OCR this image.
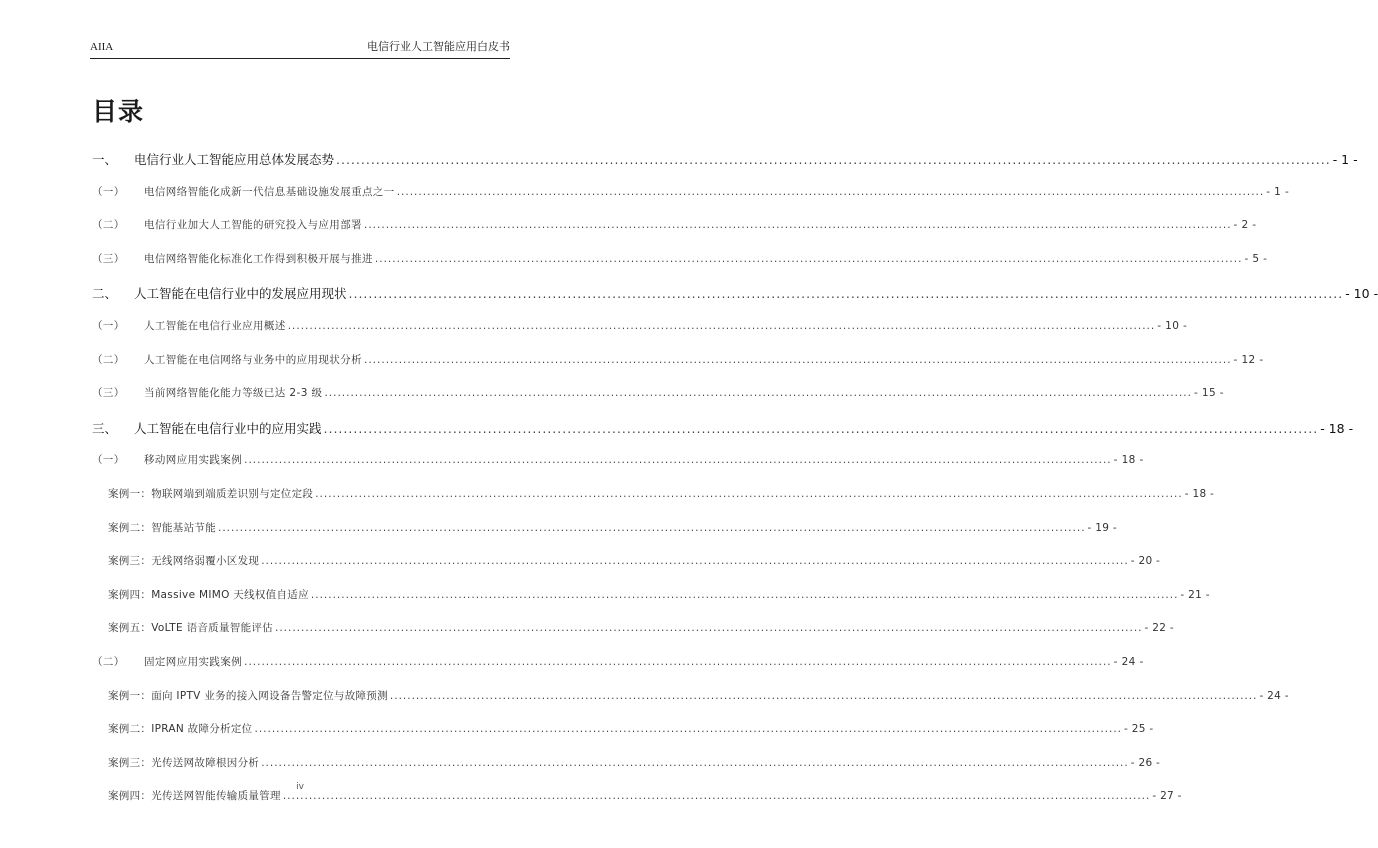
AIIA	电信行业人工智能应用白皮书
目录
一、	电信行业人工智能应用总体发展态势 ........................................................................................................................................................................................................ - 1 -
（一）	电信网络智能化成新一代信息基础设施发展重点之一 ........................................................................................................................................................................................................ - 1 -
（二）	电信行业加大人工智能的研究投入与应用部署 ........................................................................................................................................................................................................ - 2 -
（三）	电信网络智能化标准化工作得到积极开展与推进 ........................................................................................................................................................................................................ - 5 -
二、	人工智能在电信行业中的发展应用现状 ........................................................................................................................................................................................................ - 10 -
（一）	人工智能在电信行业应用概述 ........................................................................................................................................................................................................ - 10 -
（二）	人工智能在电信网络与业务中的应用现状分析 ........................................................................................................................................................................................................ - 12 -
（三）	当前网络智能化能力等级已达 2-3 级 ........................................................................................................................................................................................................ - 15 -
三、	人工智能在电信行业中的应用实践 ........................................................................................................................................................................................................ - 18 -
（一）	移动网应用实践案例 ........................................................................................................................................................................................................ - 18 -
案例一：物联网端到端质差识别与定位定段 ........................................................................................................................................................................................................ - 18 -
案例二：智能基站节能 ........................................................................................................................................................................................................ - 19 -
案例三：无线网络弱覆小区发现 ........................................................................................................................................................................................................ - 20 -
案例四：Massive MIMO 天线权值自适应 ........................................................................................................................................................................................................ - 21 -
案例五：VoLTE 语音质量智能评估 ........................................................................................................................................................................................................ - 22 -
（二）	固定网应用实践案例 ........................................................................................................................................................................................................ - 24 -
案例一：面向 IPTV 业务的接入网设备告警定位与故障预测 ........................................................................................................................................................................................................ - 24 -
案例二：IPRAN 故障分析定位 ........................................................................................................................................................................................................ - 25 -
案例三：光传送网故障根因分析 ........................................................................................................................................................................................................ - 26 -
案例四：光传送网智能传输质量管理 ........................................................................................................................................................................................................ - 27 -
iv
